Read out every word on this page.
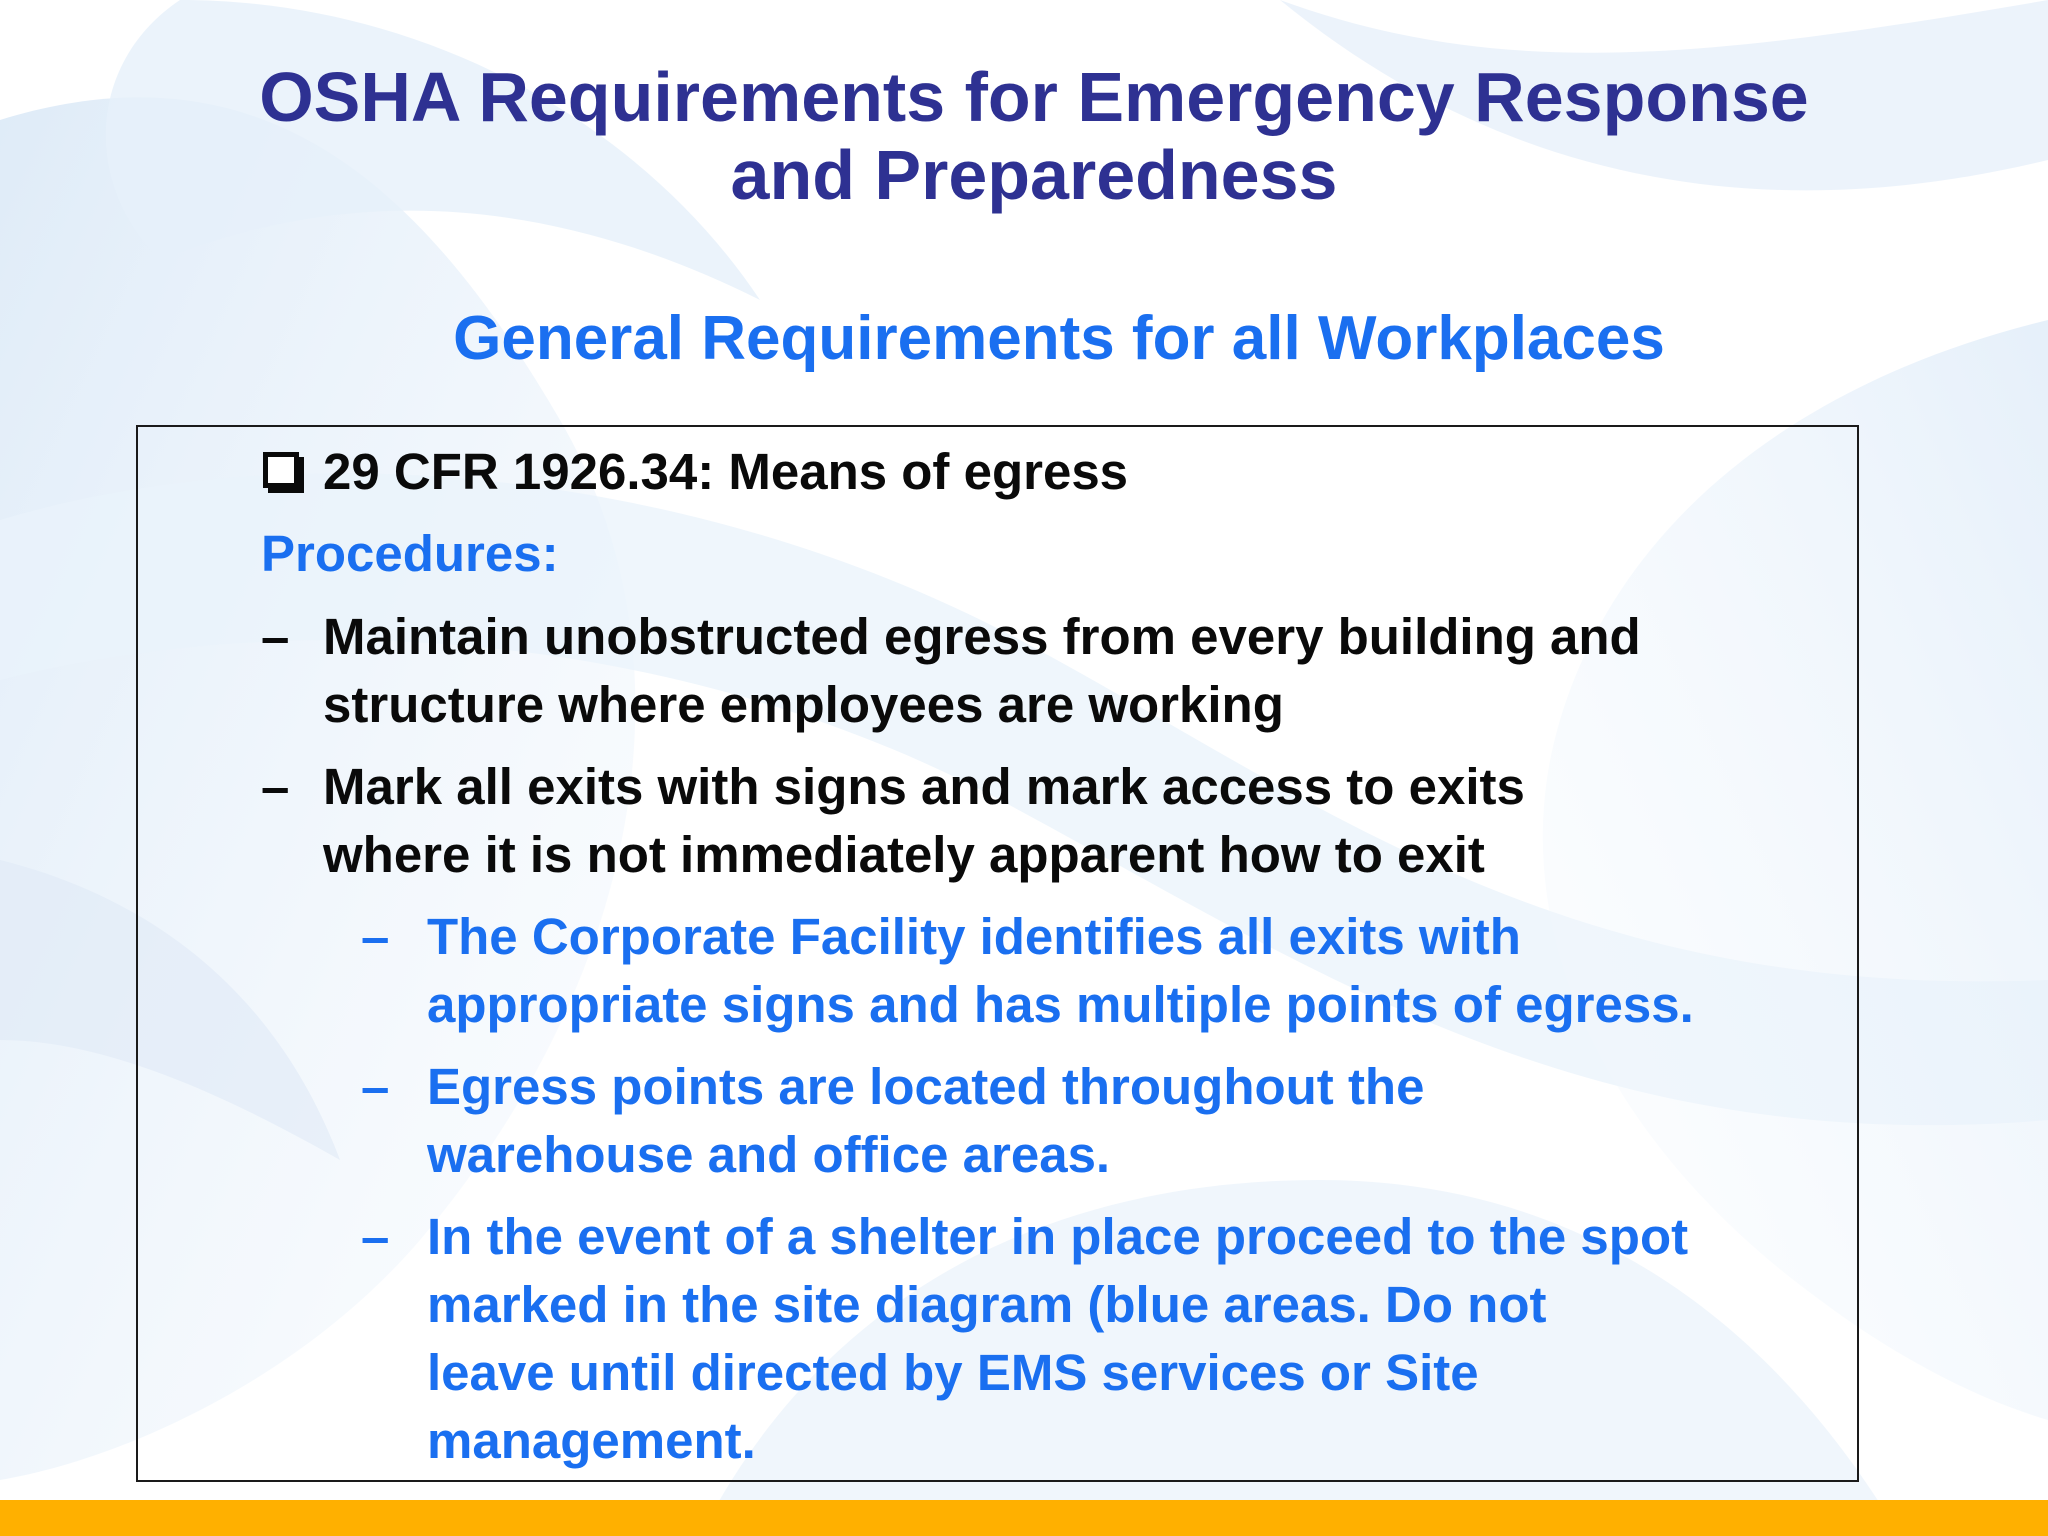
OSHA Requirements for Emergency Response
and Preparedness
General Requirements for all Workplaces

29 CFR 1926.34: Means of egress

Procedures:

– Maintain unobstructed egress from every building and

structure where employees are working

– Mark all exits with signs and mark access to exits

where it is not immediately apparent how to exit

– The Corporate Facility identifies all exits with

appropriate signs and has multiple points of egress.

– Egress points are located throughout the

warehouse and office areas.

– In the event of a shelter in place proceed to the spot

marked in the site diagram (blue areas. Do not

leave until directed by EMS services or Site

management.
